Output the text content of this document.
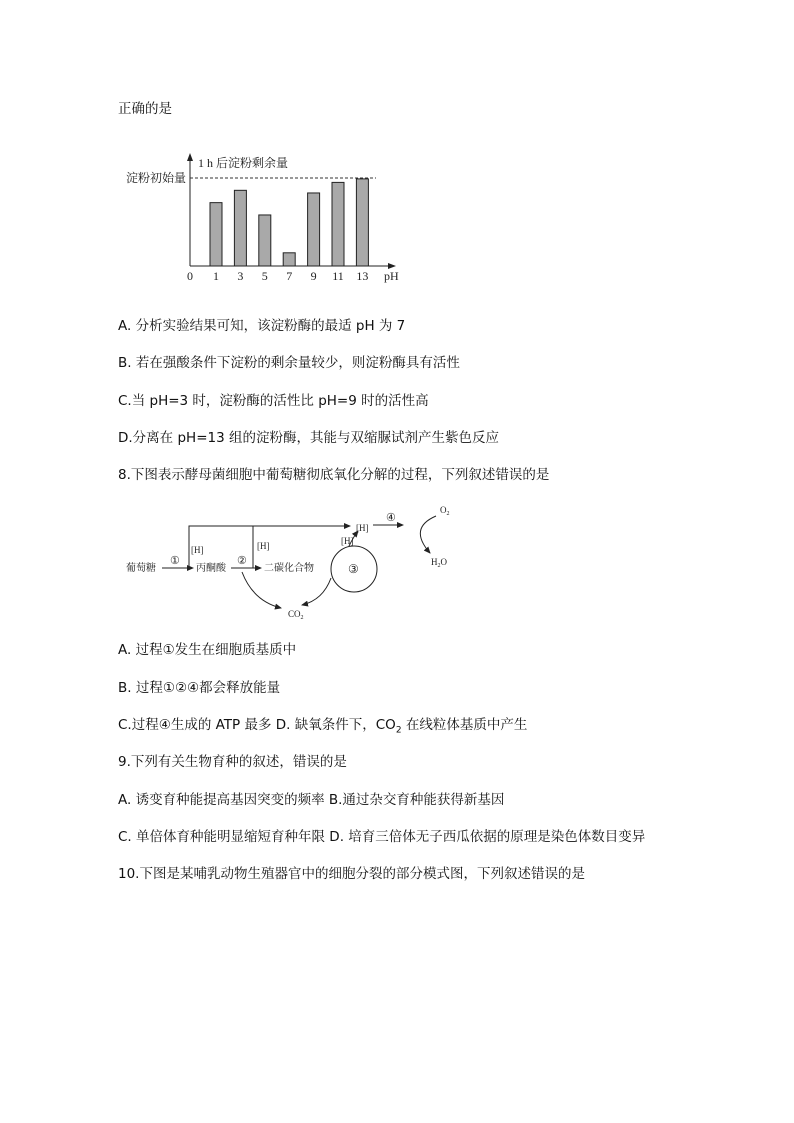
正确的是
1 h 后淀粉剩余量
淀粉初始量
0	pH
1 3 5 7 9 11 13
A. 分析实验结果可知，该淀粉酶的最适 pH 为 7
B. 若在强酸条件下淀粉的剩余量较少，则淀粉酶具有活性
C.当 pH=3 时，淀粉酶的活性比 pH=9 时的活性高
D.分离在 pH=13 组的淀粉酶，其能与双缩脲试剂产生紫色反应
8.下图表示酵母菌细胞中葡萄糖彻底氧化分解的过程，下列叙述错误的是
葡萄糖
①
丙酮酸
②
二碳化合物
[H]	[H]
[H]
③
[H]
$CO_2$
④
$O_2$
$H_2O$
A. 过程①发生在细胞质基质中
B. 过程①②④都会释放能量
C.过程④生成的 ATP 最多 D. 缺氧条件下，$CO_2$ 在线粒体基质中产生
9.下列有关生物育种的叙述，错误的是
A. 诱变育种能提高基因突变的频率 B.通过杂交育种能获得新基因
C. 单倍体育种能明显缩短育种年限 D. 培育三倍体无子西瓜依据的原理是染色体数目变异
10.下图是某哺乳动物生殖器官中的细胞分裂的部分模式图，下列叙述错误的是
